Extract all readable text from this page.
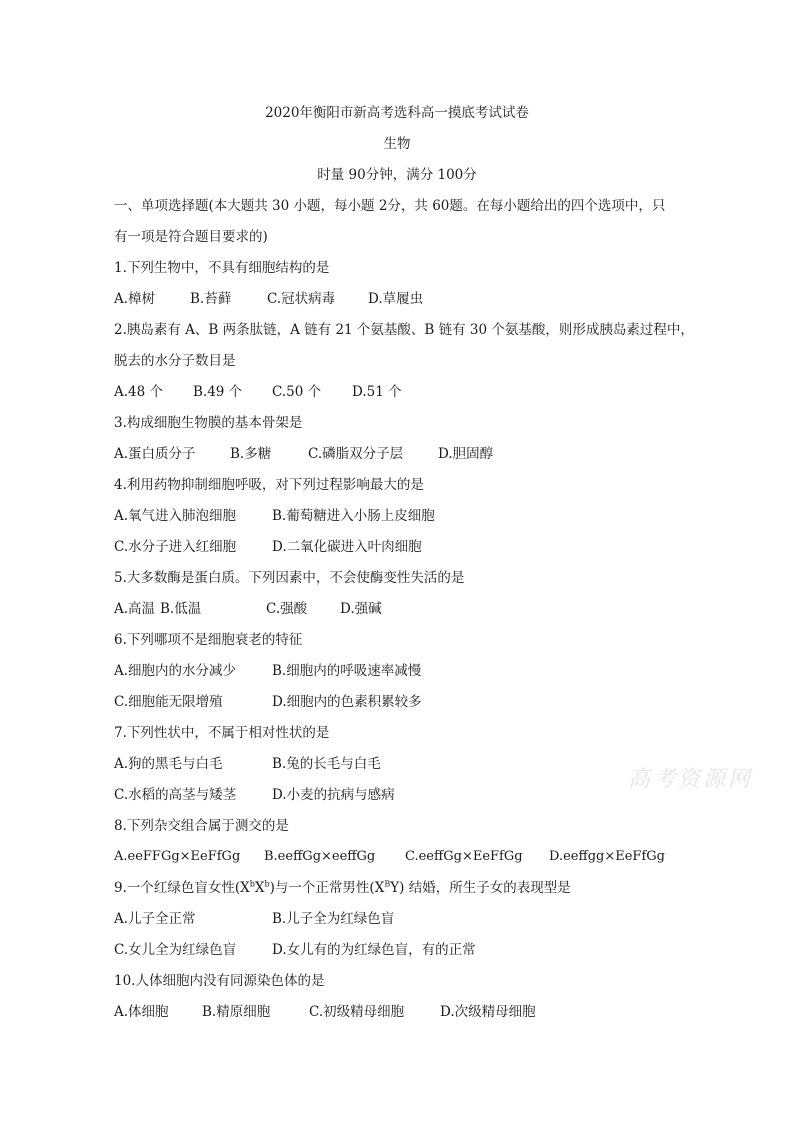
2020年衡阳市新高考选科高一摸底考试试卷
生物
时量 90分钟，满分 100分
一、单项选择题(本大题共 30 小题，每小题 2分，共 60题。在每小题给出的四个选项中，只
有一项是符合题目要求的)
1.下列生物中，不具有细胞结构的是
A.樟树	B.苔藓	C.冠状病毒 D.草履虫
2.胰岛素有 A、B 两条肽链，A 链有 21 个氨基酸、B 链有 30 个氨基酸，则形成胰岛素过程中，
脱去的水分子数目是
A.48 个 B.49 个 C.50 个 D.51 个
3.构成细胞生物膜的基本骨架是
A.蛋白质分子	B.多糖	C.磷脂双分子层	D.胆固醇
4.利用药物抑制细胞呼吸，对下列过程影响最大的是
A.氧气进入肺泡细胞	B.葡萄糖进入小肠上皮细胞
C.水分子进入红细胞	D.二氧化碳进入叶肉细胞
5.大多数酶是蛋白质。下列因素中，不会使酶变性失活的是
A.高温 B.低温	C.强酸 D.强碱
6.下列哪项不是细胞衰老的特征
A.细胞内的水分减少	B.细胞内的呼吸速率减慢
C.细胞能无限增殖	D.细胞内的色素积累较多
7.下列性状中，不属于相对性状的是
A.狗的黑毛与白毛	B.兔的长毛与白毛
C.水稻的高茎与矮茎	D.小麦的抗病与感病
8.下列杂交组合属于测交的是
A.eeFFGg×EeFfGg B.eeffGg×eeffGg C.eeffGg×EeFfGg D.eeffgg×EeFfGg
9.一个红绿色盲女性$(X^bX^b)$与一个正常男性$(X^BY)$ 结婚，所生子女的表现型是
A.儿子全正常	B.儿子全为红绿色盲
C.女儿全为红绿色盲	D.女儿有的为红绿色盲，有的正常
10.人体细胞内没有同源染色体的是
A.体细胞 B.精原细胞	C.初级精母细胞	D.次级精母细胞
高考资源网
